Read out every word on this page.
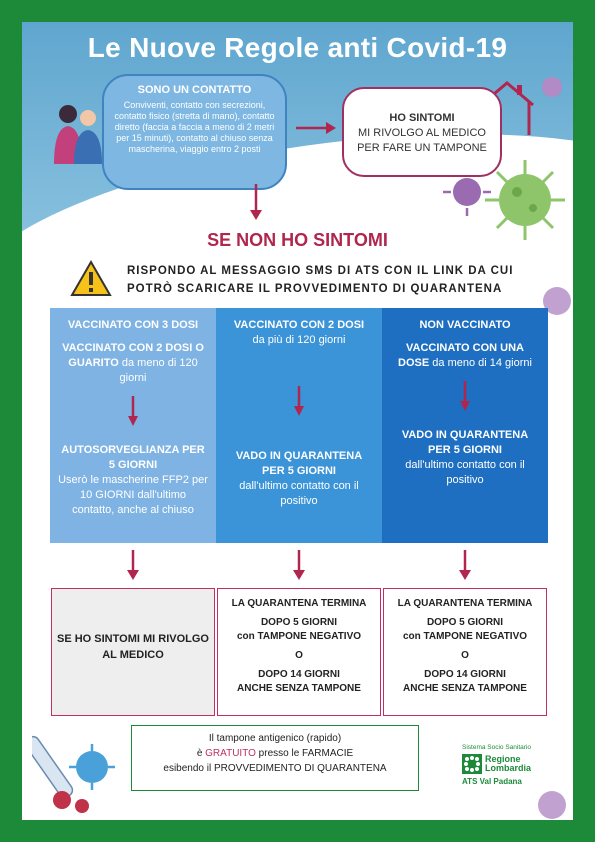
Le Nuove Regole anti Covid-19
SONO UN CONTATTO
Conviventi, contatto con secrezioni, contatto fisico (stretta di mano), contatto diretto (faccia a faccia a meno di 2 metri per 15 minuti), contatto al chiuso senza mascherina, viaggio entro 2 posti
HO SINTOMI
MI RIVOLGO AL MEDICO
PER FARE UN TAMPONE
SE NON HO SINTOMI
RISPONDO AL MESSAGGIO SMS DI ATS CON IL LINK DA CUI POTRÒ SCARICARE IL PROVVEDIMENTO DI QUARANTENA
VACCINATO CON 3 DOSI
VACCINATO CON 2 DOSI O GUARITO da meno di 120 giorni
AUTOSORVEGLIANZA PER 5 GIORNI
Userò le mascherine FFP2 per 10 GIORNI dall'ultimo contatto, anche al chiuso
VACCINATO CON 2 DOSI
da più di 120 giorni
VADO IN QUARANTENA PER 5 GIORNI
dall'ultimo contatto con il positivo
NON VACCINATO
VACCINATO CON UNA DOSE da meno di 14 giorni
VADO IN QUARANTENA PER 5 GIORNI
dall'ultimo contatto con il positivo
SE HO SINTOMI MI RIVOLGO AL MEDICO
LA QUARANTENA TERMINA
DOPO 5 GIORNI
con TAMPONE NEGATIVO
O
DOPO 14 GIORNI
ANCHE SENZA TAMPONE
LA QUARANTENA TERMINA
DOPO 5 GIORNI
con TAMPONE NEGATIVO
O
DOPO 14 GIORNI
ANCHE SENZA TAMPONE
Il tampone antigenico (rapido)
è GRATUITO presso le FARMACIE
esibendo il PROVVEDIMENTO DI QUARANTENA
Sistema Socio Sanitario
Regione
Lombardia
ATS Val Padana
